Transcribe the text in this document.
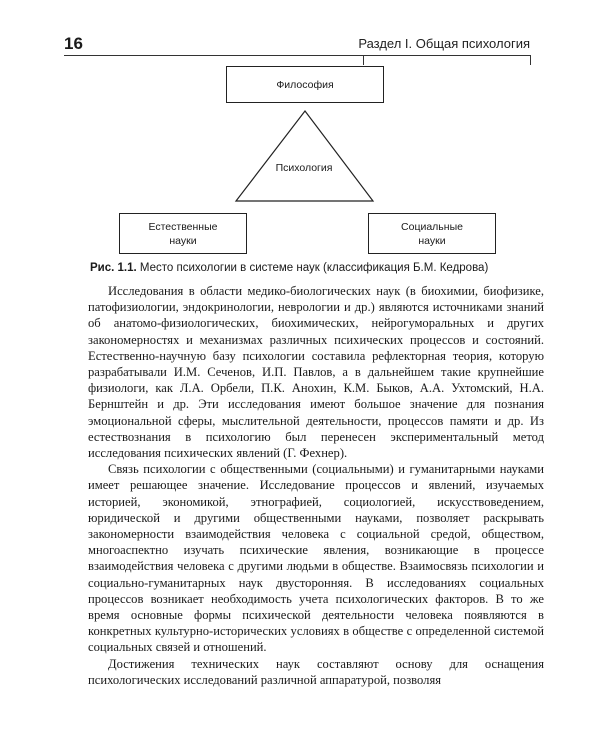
16	Раздел I. Общая психология
Философия
Психология
Естественные
науки
Социальные
науки
Рис. 1.1. Место психологии в системе наук (классификация Б.М. Кедрова)

Исследования в области медико-биологических наук (в биохимии, биофизике, патофизиологии, эндокринологии, неврологии и др.) являются источниками знаний об анатомо-физиологических, биохимических, нейрогуморальных и других закономерностях и механизмах различных психических процессов и состояний. Естественно-научную базу психологии составила рефлекторная теория, которую разрабатывали И.М. Сеченов, И.П. Павлов, а в дальнейшем такие крупнейшие физиологи, как Л.А. Орбели, П.К. Анохин, К.М. Быков, А.А. Ухтомский, Н.А. Бернштейн и др. Эти исследования имеют большое значение для познания эмоциональной сферы, мыслительной деятельности, процессов памяти и др. Из естествознания в психологию был перенесен экспериментальный метод исследования психических явлений (Г. Фехнер).

Связь психологии с общественными (социальными) и гуманитарными науками имеет решающее значение. Исследование процессов и явлений, изучаемых историей, экономикой, этнографией, социологией, искусствоведением, юридической и другими общественными науками, позволяет раскрывать закономерности взаимодействия человека с социальной средой, обществом, многоаспектно изучать психические явления, возникающие в процессе взаимодействия человека с другими людьми в обществе. Взаимосвязь психологии и социально-гуманитарных наук двусторонняя. В исследованиях социальных процессов возникает необходимость учета психологических факторов. В то же время основные формы психической деятельности человека появляются в конкретных культурно-исторических условиях в обществе с определенной системой социальных связей и отношений.

Достижения технических наук составляют основу для оснащения психологических исследований различной аппаратурой, позволяя
